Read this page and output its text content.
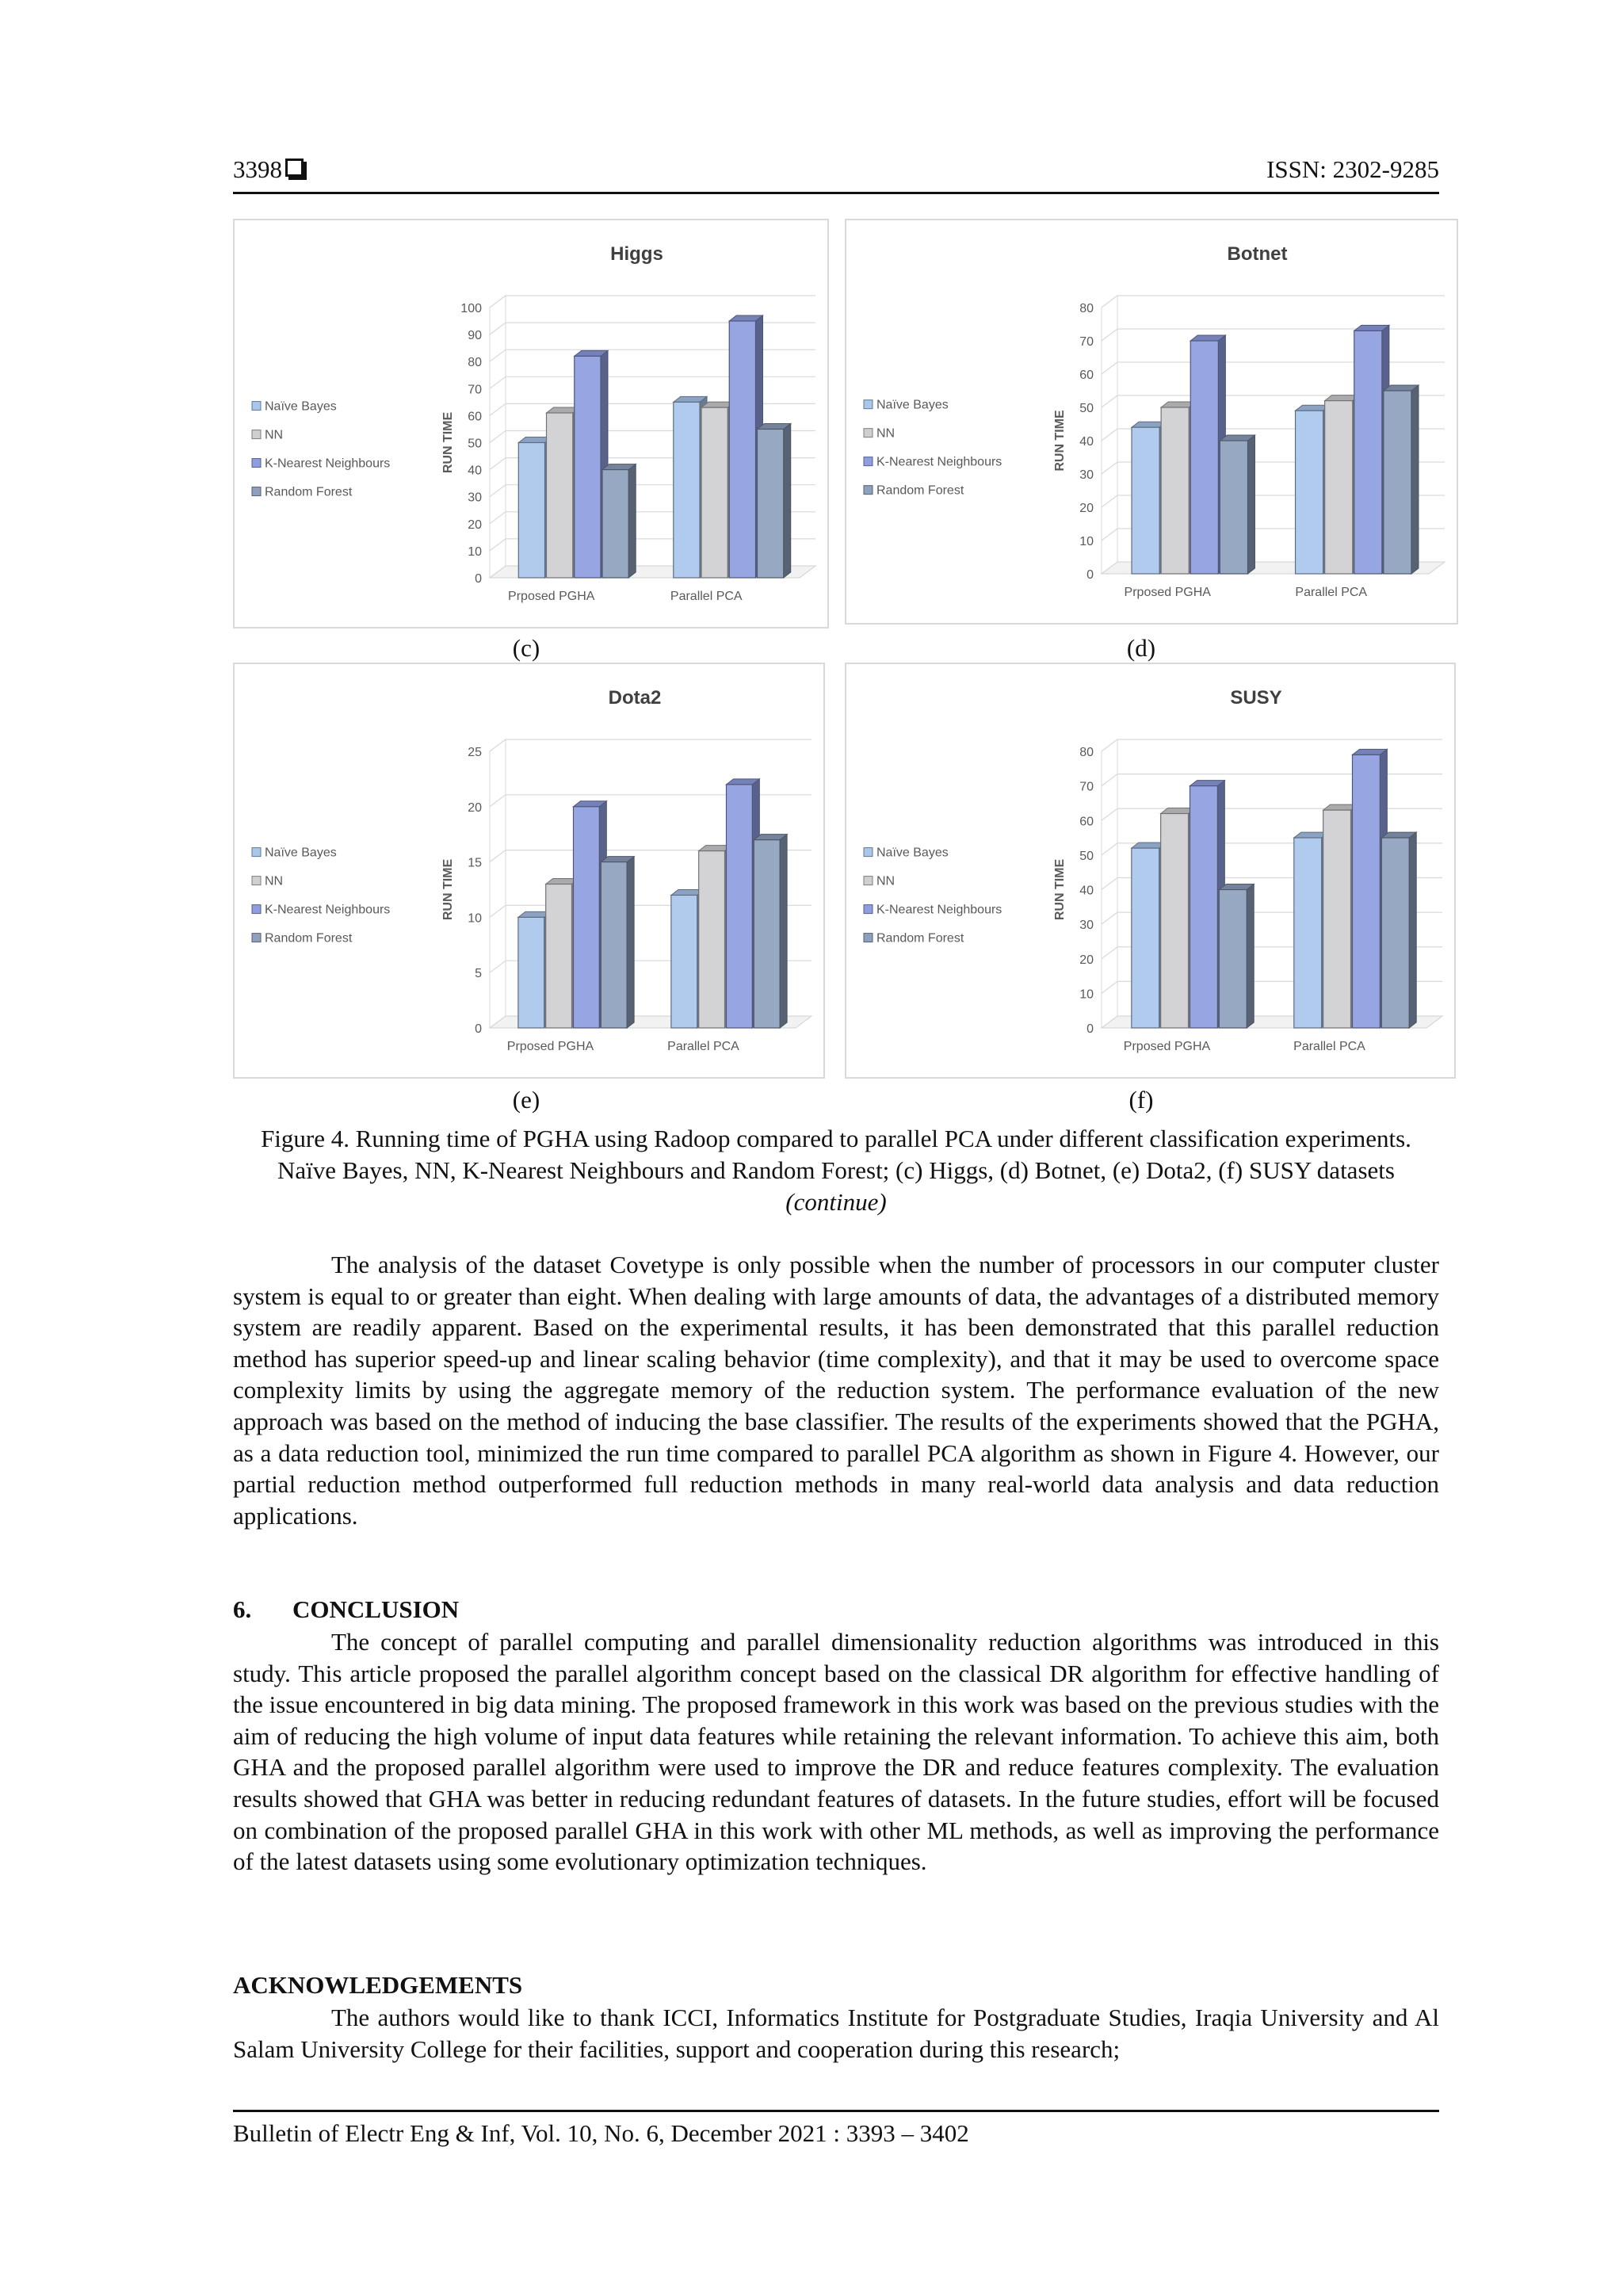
3398	ISSN: 2302-9285
Higgs
0
10
20
30
40
50
60
70
80
90
100
RUN TIME
Prposed PGHA	Parallel PCA
Naïve Bayes
NN
K-Nearest Neighbours
Random Forest
Botnet
0
10
20
30
40
50
60
70
80
RUN TIME
Prposed PGHA	Parallel PCA
Naïve Bayes
NN
K-Nearest Neighbours
Random Forest
Dota2
0
5
10
15
20
25
RUN TIME
Prposed PGHA	Parallel PCA
Naïve Bayes
NN
K-Nearest Neighbours
Random Forest
SUSY
0
10
20
30
40
50
60
70
80
RUN TIME
Prposed PGHA	Parallel PCA
Naïve Bayes
NN
K-Nearest Neighbours
Random Forest
(c)	(d)
(e)	(f)
Figure 4. Running time of PGHA using Radoop compared to parallel PCA under different classification experiments. Naïve Bayes, NN, K-Nearest Neighbours and Random Forest; (c) Higgs, (d) Botnet, (e) Dota2, (f) SUSY datasets (continue)

The analysis of the dataset Covetype is only possible when the number of processors in our computer cluster system is equal to or greater than eight. When dealing with large amounts of data, the advantages of a distributed memory system are readily apparent. Based on the experimental results, it has been demonstrated that this parallel reduction method has superior speed-up and linear scaling behavior (time complexity), and that it may be used to overcome space complexity limits by using the aggregate memory of the reduction system. The performance evaluation of the new approach was based on the method of inducing the base classifier. The results of the experiments showed that the PGHA, as a data reduction tool, minimized the run time compared to parallel PCA algorithm as shown in Figure 4. However, our partial reduction method outperformed full reduction methods in many real-world data analysis and data reduction applications.

6. CONCLUSION

The concept of parallel computing and parallel dimensionality reduction algorithms was introduced in this study. This article proposed the parallel algorithm concept based on the classical DR algorithm for effective handling of the issue encountered in big data mining. The proposed framework in this work was based on the previous studies with the aim of reducing the high volume of input data features while retaining the relevant information. To achieve this aim, both GHA and the proposed parallel algorithm were used to improve the DR and reduce features complexity. The evaluation results showed that GHA was better in reducing redundant features of datasets. In the future studies, effort will be focused on combination of the proposed parallel GHA in this work with other ML methods, as well as improving the performance of the latest datasets using some evolutionary optimization techniques.

ACKNOWLEDGEMENTS

The authors would like to thank ICCI, Informatics Institute for Postgraduate Studies, Iraqia University and Al Salam University College for their facilities, support and cooperation during this research;

Bulletin of Electr Eng & Inf, Vol. 10, No. 6, December 2021 : 3393 – 3402
